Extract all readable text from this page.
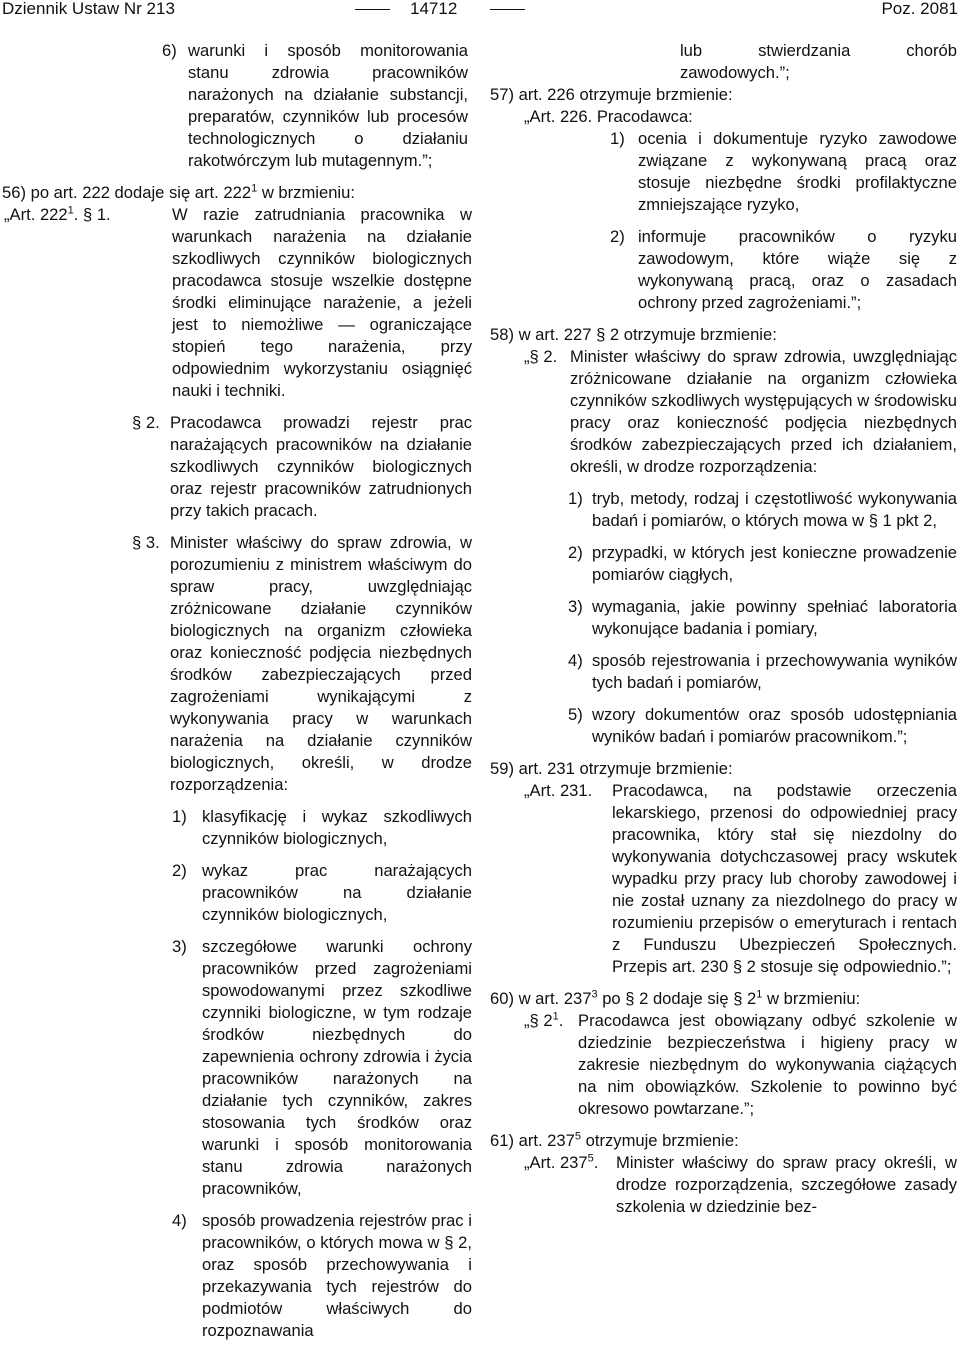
Dziennik Ustaw Nr 213	14712	Poz. 2081
6) warunki i sposób monitorowania stanu zdrowia pracowników narażonych na działanie substancji, preparatów, czynników lub procesów technologicznych o działaniu rakotwórczym lub mutagennym.”;

56) po art. 222 dodaje się art. $222^1$ w brzmieniu:

„Art. $222^1$. § 1.	W razie zatrudniania pracownika w warunkach narażenia na działanie szkodliwych czynników biologicznych pracodawca stosuje wszelkie dostępne środki eliminujące narażenie, a jeżeli jest to niemożliwe — ograniczające stopień tego narażenia, przy odpowiednim wykorzystaniu osiągnięć nauki i techniki.
§ 2. Pracodawca prowadzi rejestr prac narażających pracowników na działanie szkodliwych czynników biologicznych oraz rejestr pracowników zatrudnionych przy takich pracach.
§ 3. Minister właściwy do spraw zdrowia, w porozumieniu z ministrem właściwym do spraw pracy, uwzględniając zróżnicowane działanie czynników biologicznych na organizm człowieka oraz konieczność podjęcia niezbędnych środków zabezpieczających przed zagrożeniami wynikającymi z wykonywania pracy w warunkach narażenia na działanie czynników biologicznych, określi, w drodze rozporządzenia:
1) klasyfikację i wykaz szkodliwych czynników biologicznych,
2) wykaz prac narażających pracowników na działanie czynników biologicznych,
3) szczegółowe warunki ochrony pracowników przed zagrożeniami spowodowanymi przez szkodliwe czynniki biologiczne, w tym rodzaje środków niezbędnych do zapewnienia ochrony zdrowia i życia pracowników narażonych na działanie tych czynników, zakres stosowania tych środków oraz warunki i sposób monitorowania stanu zdrowia narażonych pracowników,
4) sposób prowadzenia rejestrów prac i pracowników, o których mowa w § 2, oraz sposób przechowywania i przekazywania tych rejestrów do podmiotów właściwych do rozpoznawania

lub stwierdzania chorób zawodowych.”;

57) art. 226 otrzymuje brzmienie:

„Art. 226. Pracodawca:

1) ocenia i dokumentuje ryzyko zawodowe związane z wykonywaną pracą oraz stosuje niezbędne środki profilaktyczne zmniejszające ryzyko,
2) informuje pracowników o ryzyku zawodowym, które wiąże się z wykonywaną pracą, oraz o zasadach ochrony przed zagrożeniami.”;

58) w art. 227 § 2 otrzymuje brzmienie:

„§ 2. Minister właściwy do spraw zdrowia, uwzględniając zróżnicowane działanie na organizm człowieka czynników szkodliwych występujących w środowisku pracy oraz konieczność podjęcia niezbędnych środków zabezpieczających przed ich działaniem, określi, w drodze rozporządzenia:
1) tryb, metody, rodzaj i częstotliwość wykonywania badań i pomiarów, o których mowa w § 1 pkt 2,
2) przypadki, w których jest konieczne prowadzenie pomiarów ciągłych,
3) wymagania, jakie powinny spełniać laboratoria wykonujące badania i pomiary,
4) sposób rejestrowania i przechowywania wyników tych badań i pomiarów,
5) wzory dokumentów oraz sposób udostępniania wyników badań i pomiarów pracownikom.”;

59) art. 231 otrzymuje brzmienie:

„Art. 231.	Pracodawca, na podstawie orzeczenia lekarskiego, przenosi do odpowiedniej pracy pracownika, który stał się niezdolny do wykonywania dotychczasowej pracy wskutek wypadku przy pracy lub choroby zawodowej i nie został uznany za niezdolnego do pracy w rozumieniu przepisów o emeryturach i rentach z Funduszu Ubezpieczeń Społecznych. Przepis art. 230 § 2 stosuje się odpowiednio.”;

60) w art. $237^3$ po § 2 dodaje się § $2^1$ w brzmieniu:

„§ $2^1$. Pracodawca jest obowiązany odbyć szkolenie w dziedzinie bezpieczeństwa i higieny pracy w zakresie niezbędnym do wykonywania ciążących na nim obowiązków. Szkolenie to powinno być okresowo powtarzane.”;

61) art. $237^5$ otrzymuje brzmienie:

„Art. $237^5$.	Minister właściwy do spraw pracy określi, w drodze rozporządzenia, szczegółowe zasady szkolenia w dziedzinie bez-
